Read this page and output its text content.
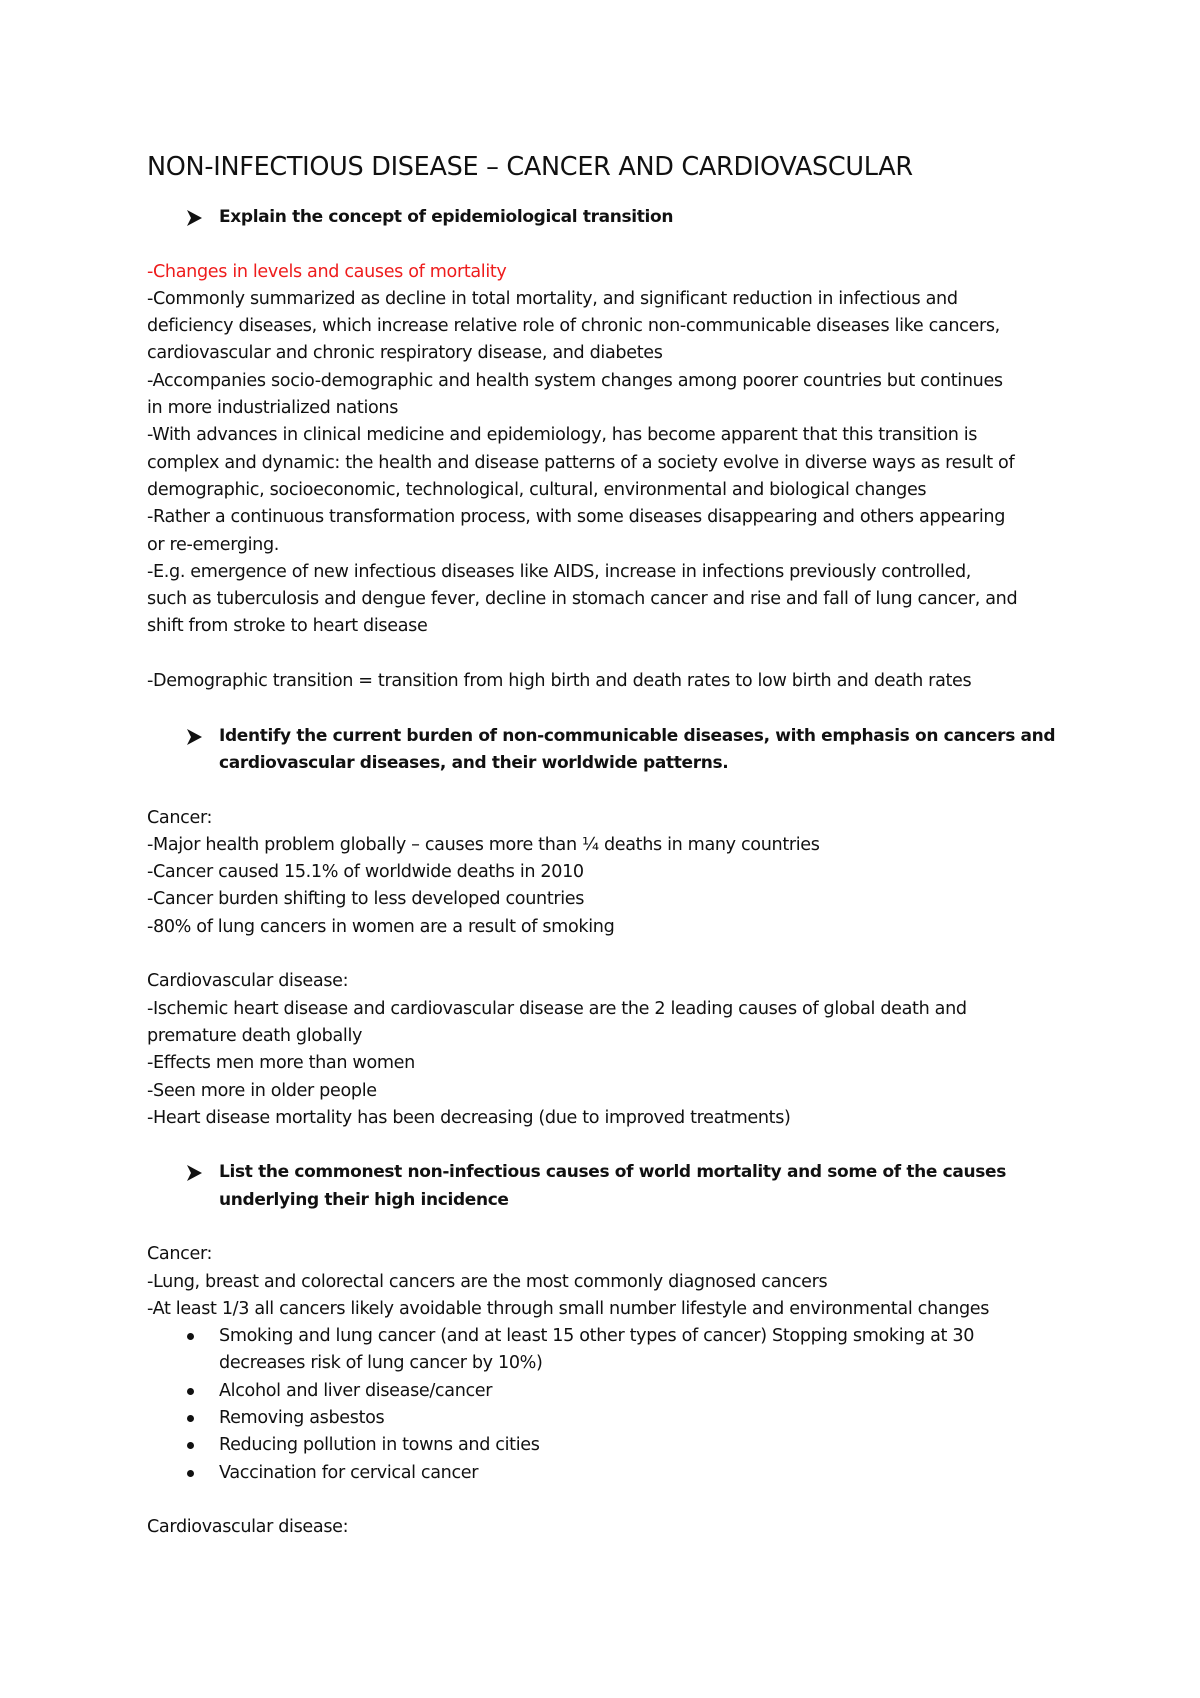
NON-INFECTIOUS DISEASE – CANCER AND CARDIOVASCULAR
Explain the concept of epidemiological transition
-Changes in levels and causes of mortality
-Commonly summarized as decline in total mortality, and significant reduction in infectious and
deficiency diseases, which increase relative role of chronic non-communicable diseases like cancers,
cardiovascular and chronic respiratory disease, and diabetes
-Accompanies socio-demographic and health system changes among poorer countries but continues
in more industrialized nations
-With advances in clinical medicine and epidemiology, has become apparent that this transition is
complex and dynamic: the health and disease patterns of a society evolve in diverse ways as result of
demographic, socioeconomic, technological, cultural, environmental and biological changes
-Rather a continuous transformation process, with some diseases disappearing and others appearing
or re-emerging.
-E.g. emergence of new infectious diseases like AIDS, increase in infections previously controlled,
such as tuberculosis and dengue fever, decline in stomach cancer and rise and fall of lung cancer, and
shift from stroke to heart disease
-Demographic transition = transition from high birth and death rates to low birth and death rates
Identify the current burden of non-communicable diseases, with emphasis on cancers and
cardiovascular diseases, and their worldwide patterns.
Cancer:
-Major health problem globally – causes more than ¼ deaths in many countries
-Cancer caused 15.1% of worldwide deaths in 2010
-Cancer burden shifting to less developed countries
-80% of lung cancers in women are a result of smoking
Cardiovascular disease:
-Ischemic heart disease and cardiovascular disease are the 2 leading causes of global death and
premature death globally
-Effects men more than women
-Seen more in older people
-Heart disease mortality has been decreasing (due to improved treatments)
List the commonest non-infectious causes of world mortality and some of the causes
underlying their high incidence
Cancer:
-Lung, breast and colorectal cancers are the most commonly diagnosed cancers
-At least 1/3 all cancers likely avoidable through small number lifestyle and environmental changes
Smoking and lung cancer (and at least 15 other types of cancer) Stopping smoking at 30
decreases risk of lung cancer by 10%)
Alcohol and liver disease/cancer
Removing asbestos
Reducing pollution in towns and cities
Vaccination for cervical cancer
Cardiovascular disease:
